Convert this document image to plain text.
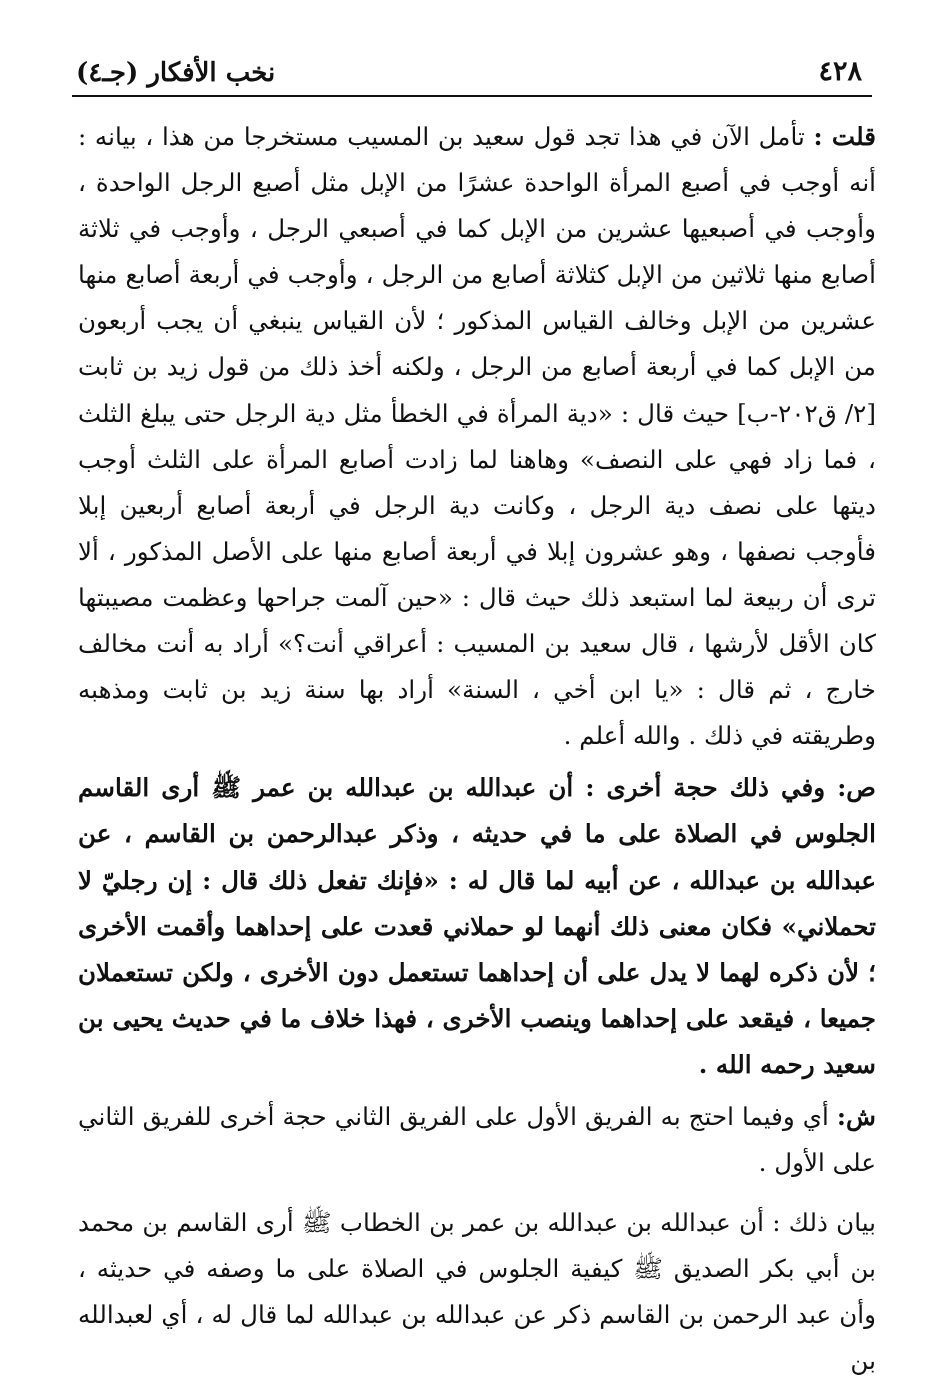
٤٢٨
نخب الأفكار (جـ٤)

قلت : تأمل الآن في هذا تجد قول سعيد بن المسيب مستخرجا من هذا ، بيانه : أنه أوجب في أصبع المرأة الواحدة عشرًا من الإبل مثل أصبع الرجل الواحدة ، وأوجب في أصبعيها عشرين من الإبل كما في أصبعي الرجل ، وأوجب في ثلاثة أصابع منها ثلاثين من الإبل كثلاثة أصابع من الرجل ، وأوجب في أربعة أصابع منها عشرين من الإبل وخالف القياس المذكور ؛ لأن القياس ينبغي أن يجب أربعون من الإبل كما في أربعة أصابع من الرجل ، ولكنه أخذ ذلك من قول زيد بن ثابت [٢/ ق٢٠٢-ب] حيث قال : «دية المرأة في الخطأ مثل دية الرجل حتى يبلغ الثلث ، فما زاد فهي على النصف» وهاهنا لما زادت أصابع المرأة على الثلث أوجب ديتها على نصف دية الرجل ، وكانت دية الرجل في أربعة أصابع أربعين إبلا فأوجب نصفها ، وهو عشرون إبلا في أربعة أصابع منها على الأصل المذكور ، ألا ترى أن ربيعة لما استبعد ذلك حيث قال : «حين آلمت جراحها وعظمت مصيبتها كان الأقل لأرشها ، قال سعيد بن المسيب : أعراقي أنت؟» أراد به أنت مخالف خارج ، ثم قال : «يا ابن أخي ، السنة» أراد بها سنة زيد بن ثابت ومذهبه وطريقته في ذلك . والله أعلم .

ص: وفي ذلك حجة أخرى : أن عبدالله بن عبدالله بن عمر ﷺ أرى القاسم الجلوس في الصلاة على ما في حديثه ، وذكر عبدالرحمن بن القاسم ، عن عبدالله بن عبدالله ، عن أبيه لما قال له : «فإنك تفعل ذلك قال : إن رجليّ لا تحملاني» فكان معنى ذلك أنهما لو حملاني قعدت على إحداهما وأقمت الأخرى ؛ لأن ذكره لهما لا يدل على أن إحداهما تستعمل دون الأخرى ، ولكن تستعملان جميعا ، فيقعد على إحداهما وينصب الأخرى ، فهذا خلاف ما في حديث يحيى بن سعيد رحمه الله .

ش: أي وفيما احتج به الفريق الأول على الفريق الثاني حجة أخرى للفريق الثاني على الأول .

بيان ذلك : أن عبدالله بن عبدالله بن عمر بن الخطاب ﷺ أرى القاسم بن محمد بن أبي بكر الصديق ﷺ كيفية الجلوس في الصلاة على ما وصفه في حديثه ، وأن عبد الرحمن بن القاسم ذكر عن عبدالله بن عبدالله لما قال له ، أي لعبدالله بن
